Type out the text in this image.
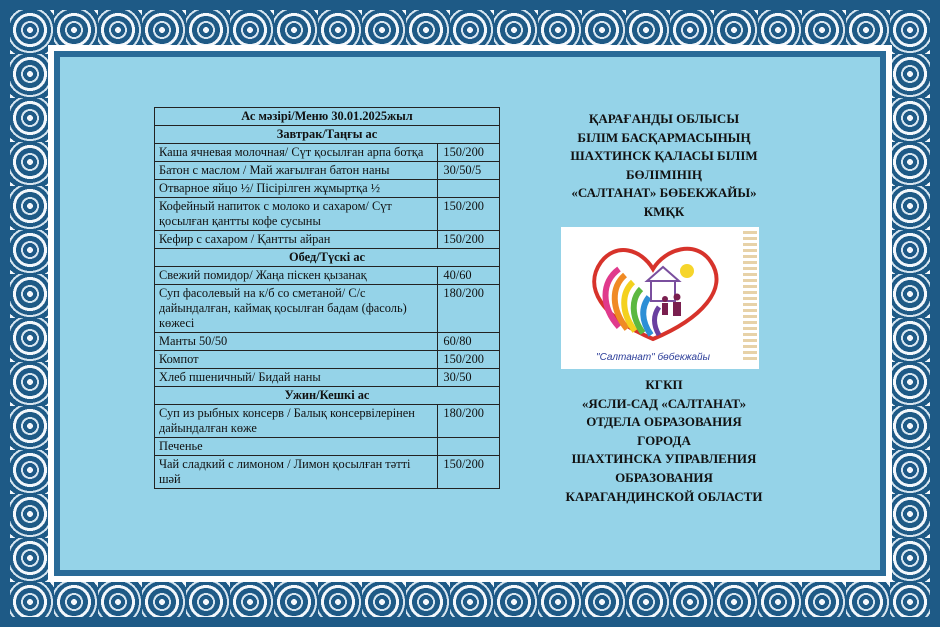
Ас мәзірі/Меню 30.01.2025жыл	
Завтрак/Таңғы ас	
Каша ячневая молочная/ Сүт қосылған арпа ботқа	150/200
Батон с маслом / Май жағылған батон наны	30/50/5
Отварное яйцо ½/ Пісірілген жұмыртқа ½	
Кофейный напиток с молоко и сахаром/ Сүт қосылған қантты кофе сусыны	150/200
Кефир с сахаром / Қантты айран	150/200
Обед/Түскі ас	
Свежий помидор/ Жаңа піскен қызанақ	40/60
Суп фасолевый на к/б со сметаной/ С/с дайындалған, каймақ қосылған бадам (фасоль) көжесі	180/200
Манты 50/50	60/80
Компот	150/200
Хлеб пшеничный/ Бидай наны	30/50
Ужин/Кешкі ас	
Суп из рыбных консерв / Балық консервілерінен дайындалған көже	180/200
Печенье	
Чай сладкий с лимоном / Лимон қосылған тәтті шәй	150/200
ҚАРАҒАНДЫ ОБЛЫСЫ
БІЛІМ БАСҚАРМАСЫНЫҢ
ШАХТИНСК ҚАЛАСЫ БІЛІМ
БӨЛІМІНІҢ
«САЛТАНАТ» БӨБЕКЖАЙЫ»
КМҚК
"Салтанат" бөбекжайы
КГКП
«ЯСЛИ-САД «САЛТАНАТ»
ОТДЕЛА ОБРАЗОВАНИЯ
ГОРОДА
ШАХТИНСКА УПРАВЛЕНИЯ
ОБРАЗОВАНИЯ
КАРАГАНДИНСКОЙ ОБЛАСТИ
